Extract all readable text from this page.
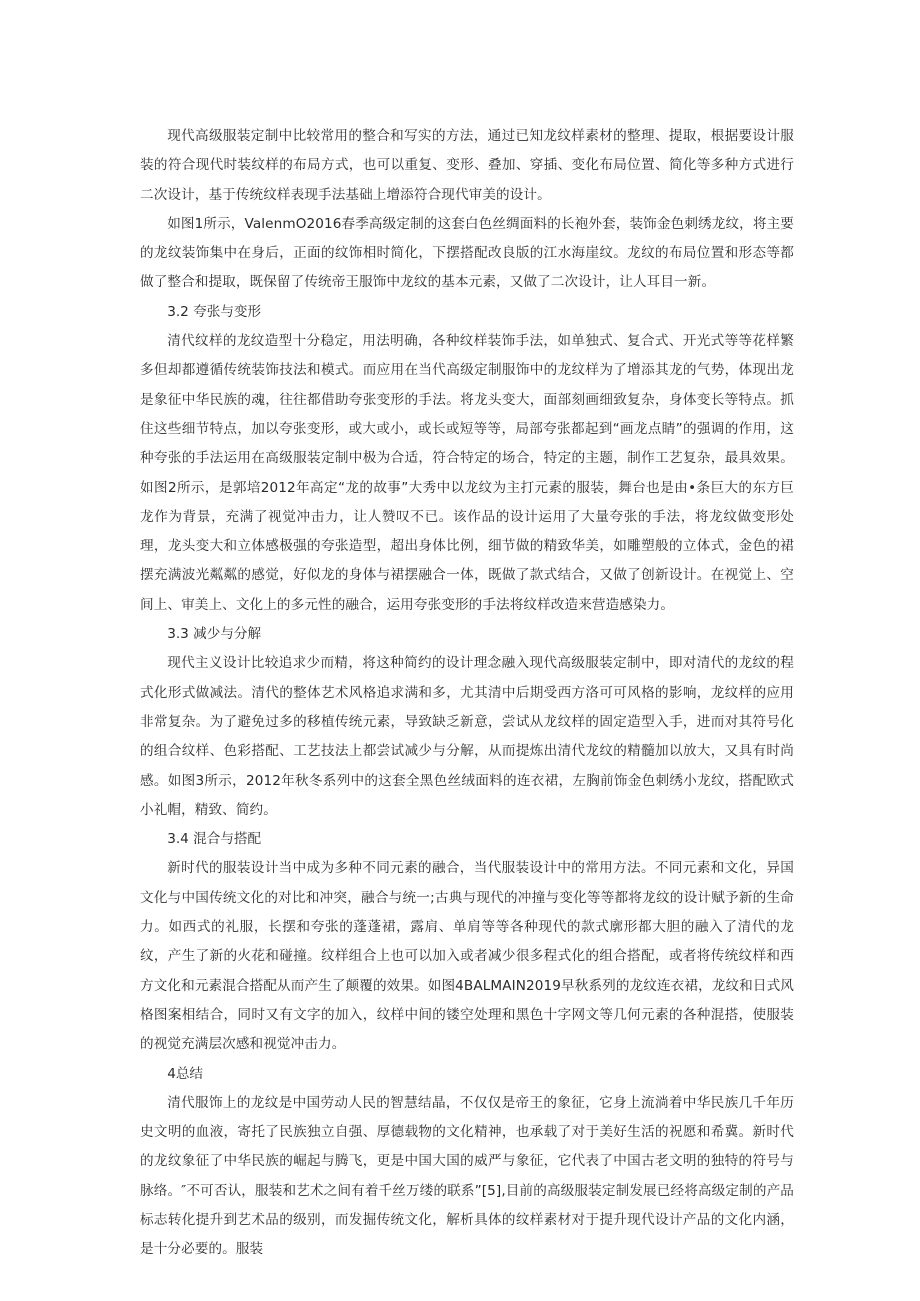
现代高级服装定制中比较常用的整合和写实的方法，通过已知龙纹样素材的整理、提取，根据要设计服装的符合现代时装纹样的布局方式，也可以重复、变形、叠加、穿插、变化布局位置、简化等多种方式进行二次设计，基于传统纹样表现手法基础上增添符合现代审美的设计。

如图1所示，ValenmO2016春季高级定制的这套白色丝绸面料的长袍外套，装饰金色刺绣龙纹，将主要的龙纹装饰集中在身后，正面的纹饰相时简化，下摆搭配改良版的江水海崖纹。龙纹的布局位置和形态等都做了整合和提取，既保留了传统帝王服饰中龙纹的基本元素，又做了二次设计，让人耳目一新。

3.2 夸张与变形

清代纹样的龙纹造型十分稳定，用法明确，各种纹样装饰手法，如单独式、复合式、开光式等等花样繁多但却都遵循传统装饰技法和模式。而应用在当代高级定制服饰中的龙纹样为了增添其龙的气势，体现出龙是象征中华民族的魂，往往都借助夸张变形的手法。将龙头变大，面部刻画细致复杂，身体变长等特点。抓住这些细节特点，加以夸张变形，或大或小，或长或短等等，局部夸张都起到“画龙点睛”的强调的作用，这种夸张的手法运用在高级服装定制中极为合适，符合特定的场合，特定的主题，制作工艺复杂，最具效果。如图2所示，是郭培2012年高定“龙的故事”大秀中以龙纹为主打元素的服装，舞台也是由•条巨大的东方巨龙作为背景，充满了视觉冲击力，让人赞叹不已。该作品的设计运用了大量夸张的手法，将龙纹做变形处理，龙头变大和立体感极强的夸张造型，超出身体比例，细节做的精致华美，如雕塑般的立体式，金色的裙摆充满波光粼粼的感觉，好似龙的身体与裙摆融合一体，既做了款式结合，又做了创新设计。在视觉上、空间上、审美上、文化上的多元性的融合，运用夸张变形的手法将纹样改造来营造感染力。

3.3 减少与分解

现代主义设计比较追求少而精，将这种简约的设计理念融入现代高级服装定制中，即对清代的龙纹的程式化形式做减法。清代的整体艺术风格追求满和多，尤其清中后期受西方洛可可风格的影响，龙纹样的应用非常复杂。为了避免过多的移植传统元素，导致缺乏新意，尝试从龙纹样的固定造型入手，进而对其符号化的组合纹样、色彩搭配、工艺技法上都尝试减少与分解，从而提炼出清代龙纹的精髓加以放大，又具有时尚感。如图3所示，2012年秋冬系列中的这套全黑色丝绒面料的连衣裙，左胸前饰金色刺绣小龙纹，搭配欧式小礼帽，精致、简约。

3.4 混合与搭配

新时代的服装设计当中成为多种不同元素的融合，当代服装设计中的常用方法。不同元素和文化，异国文化与中国传统文化的对比和冲突，融合与统一;古典与现代的冲撞与变化等等都将龙纹的设计赋予新的生命力。如西式的礼服，长摆和夸张的蓬蓬裙，露肩、单肩等等各种现代的款式廓形都大胆的融入了清代的龙纹，产生了新的火花和碰撞。纹样组合上也可以加入或者减少很多程式化的组合搭配，或者将传统纹样和西方文化和元素混合搭配从而产生了颠覆的效果。如图4BALMAIN2019早秋系列的龙纹连衣裙，龙纹和日式风格图案相结合，同时又有文字的加入，纹样中间的镂空处理和黑色十字网文等几何元素的各种混搭，使服装的视觉充满层次感和视觉冲击力。

4总结

清代服饰上的龙纹是中国劳动人民的智慧结晶，不仅仅是帝王的象征，它身上流淌着中华民族几千年历史文明的血液，寄托了民族独立自强、厚德载物的文化精神，也承载了对于美好生活的祝愿和希冀。新时代的龙纹象征了中华民族的崛起与腾飞，更是中国大国的威严与象征，它代表了中国古老文明的独特的符号与脉络。″不可否认，服装和艺术之间有着千丝万缕的联系”[5],目前的高级服装定制发展已经将高级定制的产品标志转化提升到艺术品的级别，而发掘传统文化，解析具体的纹样素材对于提升现代设计产品的文化内涵，是十分必要的。服装
